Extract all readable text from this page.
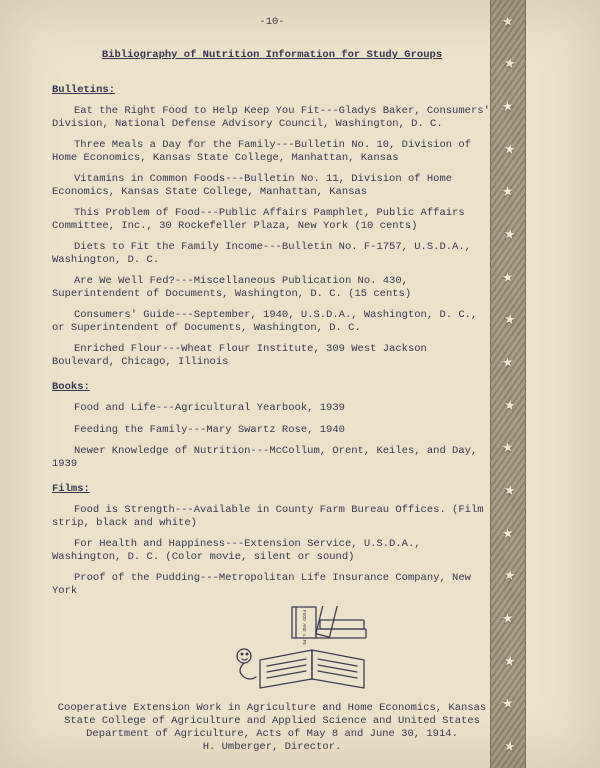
-10-

Bibliography of Nutrition Information for Study Groups
Bulletins:

Eat the Right Food to Help Keep You Fit---Gladys Baker, Consumers' Division, National Defense Advisory Council, Washington, D. C.

Three Meals a Day for the Family---Bulletin No. 10, Division of Home Economics, Kansas State College, Manhattan, Kansas

Vitamins in Common Foods---Bulletin No. 11, Division of Home Economics, Kansas State College, Manhattan, Kansas

This Problem of Food---Public Affairs Pamphlet, Public Affairs Committee, Inc., 30 Rockefeller Plaza, New York (10 cents)

Diets to Fit the Family Income---Bulletin No. F-1757, U.S.D.A., Washington, D. C.

Are We Well Fed?---Miscellaneous Publication No. 430, Superintendent of Documents, Washington, D. C. (15 cents)

Consumers' Guide---September, 1940, U.S.D.A., Washington, D. C., or Superintendent of Documents, Washington, D. C.

Enriched Flour---Wheat Flour Institute, 309 West Jackson Boulevard, Chicago, Illinois

Books:

Food and Life---Agricultural Yearbook, 1939

Feeding the Family---Mary Swartz Rose, 1940

Newer Knowledge of Nutrition---McCollum, Orent, Keiles, and Day, 1939

Films:

Food is Strength---Available in County Farm Bureau Offices. (Film strip, black and white)

For Health and Happiness---Extension Service, U.S.D.A., Washington, D. C. (Color movie, silent or sound)

Proof of the Pudding---Metropolitan Life Insurance Company, New York

FOOD AND LIFE
Cooperative Extension Work in Agriculture and Home Economics, Kansas
State College of Agriculture and Applied Science and United States
Department of Agriculture, Acts of May 8 and June 30, 1914.
H. Umberger, Director.
★
★
★
★
★
★
★
★
★
★
★
★
★
★
★
★
★
★
